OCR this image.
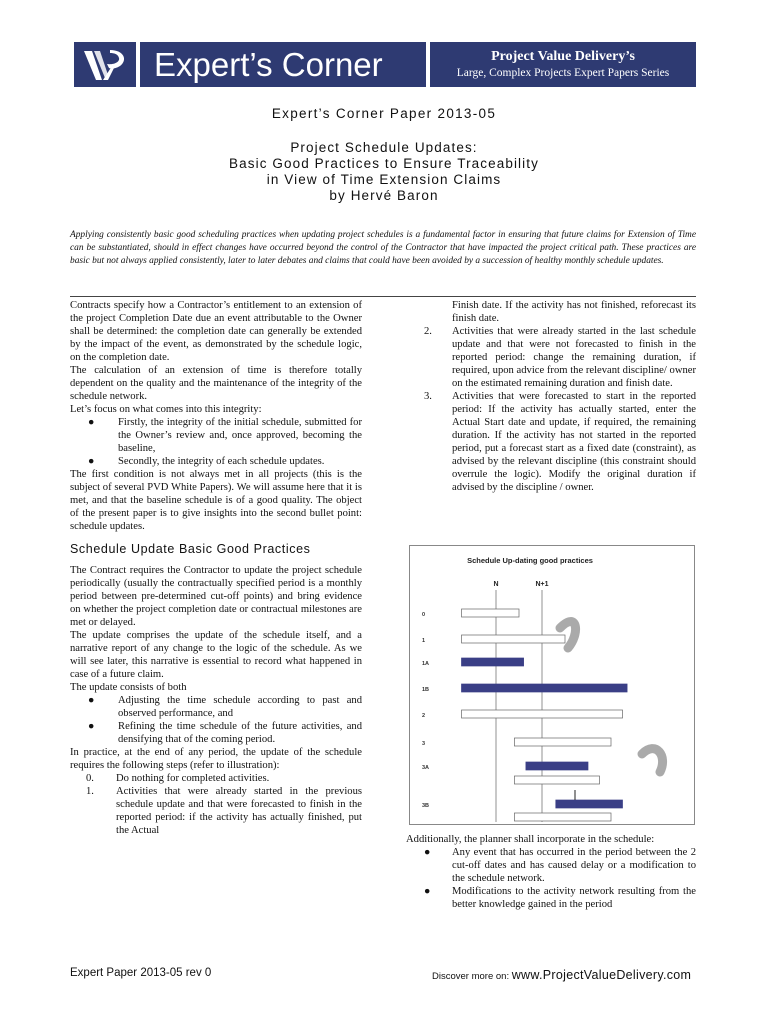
Expert’s Corner	Project Value Delivery’s
Large, Complex Projects Expert Papers Series
Expert’s Corner Paper 2013-05
Project Schedule Updates:
Basic Good Practices to Ensure Traceability
in View of Time Extension Claims
by Hervé Baron
Applying consistently basic good scheduling practices when updating project schedules is a fundamental factor in ensuring that future claims for Extension of Time can be substantiated, should in effect changes have occurred beyond the control of the Contractor that have impacted the project critical path. These practices are basic but not always applied consistently, later to later debates and claims that could have been avoided by a succession of healthy monthly schedule updates.

Contracts specify how a Contractor’s entitlement to an extension of the project Completion Date due an event attributable to the Owner shall be determined: the completion date can generally be extended by the impact of the event, as demonstrated by the schedule logic, on the completion date.

The calculation of an extension of time is therefore totally dependent on the quality and the maintenance of the integrity of the schedule network.

Let’s focus on what comes into this integrity:

● Firstly, the integrity of the initial schedule, submitted for the Owner’s review and, once approved, becoming the baseline,
● Secondly, the integrity of each schedule updates.

The first condition is not always met in all projects (this is the subject of several PVD White Papers). We will assume here that it is met, and that the baseline schedule is of a good quality. The object of the present paper is to give insights into the second bullet point: schedule updates.

Schedule Update Basic Good Practices

The Contract requires the Contractor to update the project schedule periodically (usually the contractually specified period is a monthly period between pre-determined cut-off points) and bring evidence on whether the project completion date or contractual milestones are met or delayed.

The update comprises the update of the schedule itself, and a narrative report of any change to the logic of the schedule. As we will see later, this narrative is essential to record what happened in case of a future claim.

The update consists of both

● Adjusting the time schedule according to past and observed performance, and
● Refining the time schedule of the future activities, and densifying that of the coming period.

In practice, at the end of any period, the update of the schedule requires the following steps (refer to illustration):

0. Do nothing for completed activities.
1. Activities that were already started in the previous schedule update and that were forecasted to finish in the reported period: if the activity has actually finished, put the Actual
Finish date. If the activity has not finished, reforecast its finish date.
2. Activities that were already started in the last schedule update and that were not forecasted to finish in the reported period: change the remaining duration, if required, upon advice from the relevant discipline/ owner on the estimated remaining duration and finish date.
3. Activities that were forecasted to start in the reported period: If the activity has actually started, enter the Actual Start date and update, if required, the remaining duration. If the activity has not started in the reported period, put a forecast start as a fixed date (constraint), as advised by the relevant discipline (this constraint should overrule the logic). Modify the original duration if advised by the discipline / owner.
Schedule Up-dating good practices
N	N+1
0
1
1A
1B
2
3
3A
3B

Additionally, the planner shall incorporate in the schedule:

● Any event that has occurred in the period between the 2 cut-off dates and has caused delay or a modification to the schedule network.
● Modifications to the activity network resulting from the better knowledge gained in the period
Expert Paper 2013-05 rev 0	Discover more on: www.ProjectValueDelivery.com
